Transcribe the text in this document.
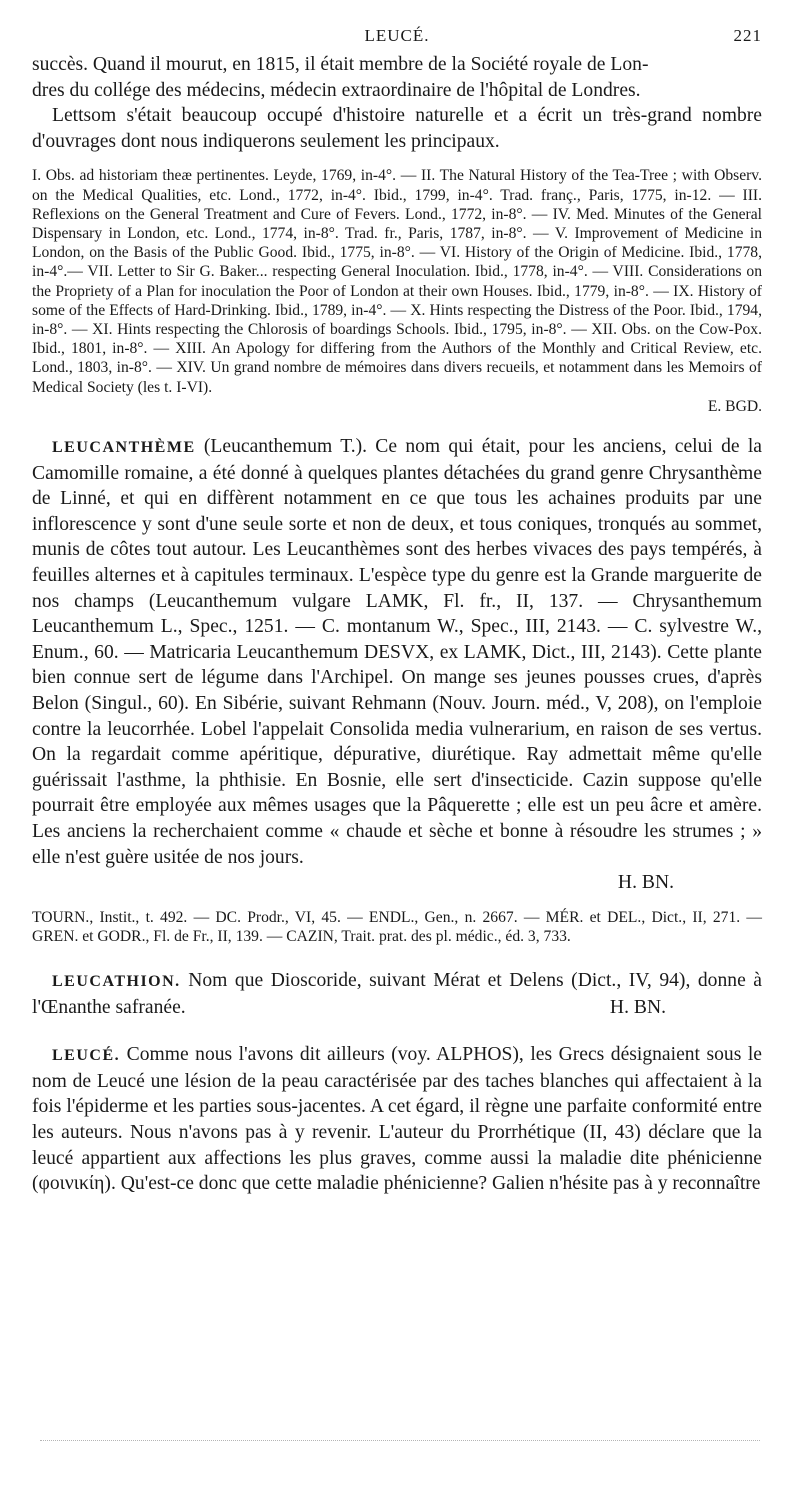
LEUCÉ.	221

succès. Quand il mourut, en 1815, il était membre de la Société royale de Lon-

dres du collége des médecins, médecin extraordinaire de l'hôpital de Londres.

Lettsom s'était beaucoup occupé d'histoire naturelle et a écrit un très-grand nombre d'ouvrages dont nous indiquerons seulement les principaux.

I. Obs. ad historiam theæ pertinentes. Leyde, 1769, in-4°. — II. The Natural History of the Tea-Tree ; with Observ. on the Medical Qualities, etc. Lond., 1772, in-4°. Ibid., 1799, in-4°. Trad. franç., Paris, 1775, in-12. — III. Reflexions on the General Treatment and Cure of Fevers. Lond., 1772, in-8°. — IV. Med. Minutes of the General Dispensary in London, etc. Lond., 1774, in-8°. Trad. fr., Paris, 1787, in-8°. — V. Improvement of Medicine in London, on the Basis of the Public Good. Ibid., 1775, in-8°. — VI. History of the Origin of Medicine. Ibid., 1778, in-4°.— VII. Letter to Sir G. Baker... respecting General Inoculation. Ibid., 1778, in-4°. — VIII. Considerations on the Propriety of a Plan for inoculation the Poor of London at their own Houses. Ibid., 1779, in-8°. — IX. History of some of the Effects of Hard-Drinking. Ibid., 1789, in-4°. — X. Hints respecting the Distress of the Poor. Ibid., 1794, in-8°. — XI. Hints respecting the Chlorosis of boardings Schools. Ibid., 1795, in-8°. — XII. Obs. on the Cow-Pox. Ibid., 1801, in-8°. — XIII. An Apology for differing from the Authors of the Monthly and Critical Review, etc. Lond., 1803, in-8°. — XIV. Un grand nombre de mémoires dans divers recueils, et notamment dans les Memoirs of Medical Society (les t. I-VI).

E. BGD.

LEUCANTHÈME (Leucanthemum T.). Ce nom qui était, pour les anciens, celui de la Camomille romaine, a été donné à quelques plantes détachées du grand genre Chrysanthème de Linné, et qui en diffèrent notamment en ce que tous les achaines produits par une inflorescence y sont d'une seule sorte et non de deux, et tous coniques, tronqués au sommet, munis de côtes tout autour. Les Leucanthèmes sont des herbes vivaces des pays tempérés, à feuilles alternes et à capitules terminaux. L'espèce type du genre est la Grande marguerite de nos champs (Leucanthemum vulgare LAMK, Fl. fr., II, 137. — Chrysanthemum Leucanthemum L., Spec., 1251. — C. montanum W., Spec., III, 2143. — C. sylvestre W., Enum., 60. — Matricaria Leucanthemum DESVX, ex LAMK, Dict., III, 2143). Cette plante bien connue sert de légume dans l'Archipel. On mange ses jeunes pousses crues, d'après Belon (Singul., 60). En Sibérie, suivant Rehmann (Nouv. Journ. méd., V, 208), on l'emploie contre la leucorrhée. Lobel l'appelait Consolida media vulnerarium, en raison de ses vertus. On la regardait comme apéritique, dépurative, diurétique. Ray admettait même qu'elle guérissait l'asthme, la phthisie. En Bosnie, elle sert d'insecticide. Cazin suppose qu'elle pourrait être employée aux mêmes usages que la Pâquerette ; elle est un peu âcre et amère. Les anciens la recherchaient comme « chaude et sèche et bonne à résoudre les strumes ; » elle n'est guère usitée de nos jours.

H. BN.

TOURN., Instit., t. 492. — DC. Prodr., VI, 45. — ENDL., Gen., n. 2667. — MÉR. et DEL., Dict., II, 271. — GREN. et GODR., Fl. de Fr., II, 139. — CAZIN, Trait. prat. des pl. médic., éd. 3, 733.

LEUCATHION. Nom que Dioscoride, suivant Mérat et Delens (Dict., IV, 94), donne à l'Œnanthe safranée.	H. BN.

LEUCÉ. Comme nous l'avons dit ailleurs (voy. ALPHOS), les Grecs désignaient sous le nom de Leucé une lésion de la peau caractérisée par des taches blanches qui affectaient à la fois l'épiderme et les parties sous-jacentes. A cet égard, il règne une parfaite conformité entre les auteurs. Nous n'avons pas à y revenir. L'auteur du Prorrhétique (II, 43) déclare que la leucé appartient aux affections les plus graves, comme aussi la maladie dite phénicienne (φοινικίη). Qu'est-ce donc que cette maladie phénicienne? Galien n'hésite pas à y reconnaître
